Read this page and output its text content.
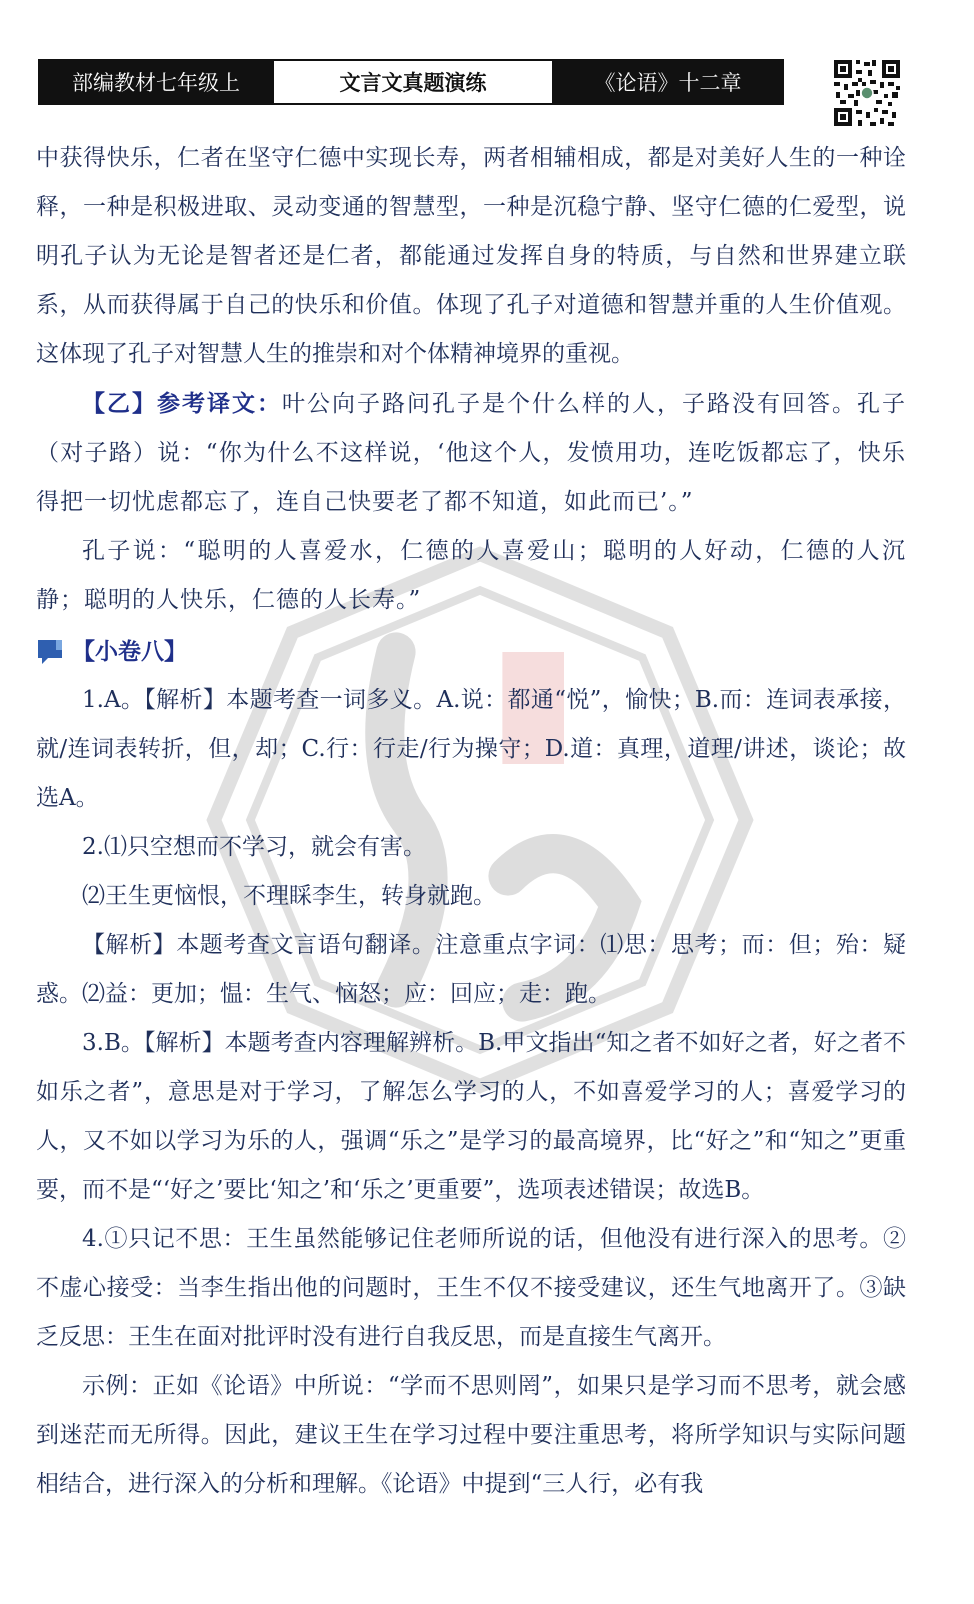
部编教材七年级上	文言文真题演练	《论语》十二章

中获得快乐，仁者在坚守仁德中实现长寿，两者相辅相成，都是对美好人生的一种诠释，一种是积极进取、灵动变通的智慧型，一种是沉稳宁静、坚守仁德的仁爱型，说明孔子认为无论是智者还是仁者，都能通过发挥自身的特质，与自然和世界建立联系，从而获得属于自己的快乐和价值。体现了孔子对道德和智慧并重的人生价值观。这体现了孔子对智慧人生的推崇和对个体精神境界的重视。

【乙】参考译文：叶公向子路问孔子是个什么样的人，子路没有回答。孔子（对子路）说：“你为什么不这样说，‘他这个人，发愤用功，连吃饭都忘了，快乐得把一切忧虑都忘了，连自己快要老了都不知道，如此而已’。”

孔子说：“聪明的人喜爱水，仁德的人喜爱山；聪明的人好动，仁德的人沉静；聪明的人快乐，仁德的人长寿。”

【小卷八】

1.A。【解析】本题考查一词多义。A.说：都通“悦”，愉快；B.而：连词表承接，就/连词表转折，但，却；C.行：行走/行为操守；D.道：真理，道理/讲述，谈论；故选A。

2.⑴只空想而不学习，就会有害。

⑵王生更恼恨，不理睬李生，转身就跑。

【解析】本题考查文言语句翻译。注意重点字词：⑴思：思考；而：但；殆：疑惑。⑵益：更加；愠：生气、恼怒；应：回应；走：跑。

3.B。【解析】本题考查内容理解辨析。B.甲文指出“知之者不如好之者，好之者不如乐之者”，意思是对于学习，了解怎么学习的人，不如喜爱学习的人；喜爱学习的人，又不如以学习为乐的人，强调“乐之”是学习的最高境界，比“好之”和“知之”更重要，而不是“‘好之’要比‘知之’和‘乐之’更重要”，选项表述错误；故选B。

4.①只记不思：王生虽然能够记住老师所说的话，但他没有进行深入的思考。②不虚心接受：当李生指出他的问题时，王生不仅不接受建议，还生气地离开了。③缺乏反思：王生在面对批评时没有进行自我反思，而是直接生气离开。

示例：正如《论语》中所说：“学而不思则罔”，如果只是学习而不思考，就会感到迷茫而无所得。因此，建议王生在学习过程中要注重思考，将所学知识与实际问题相结合，进行深入的分析和理解。《论语》中提到“三人行，必有我
